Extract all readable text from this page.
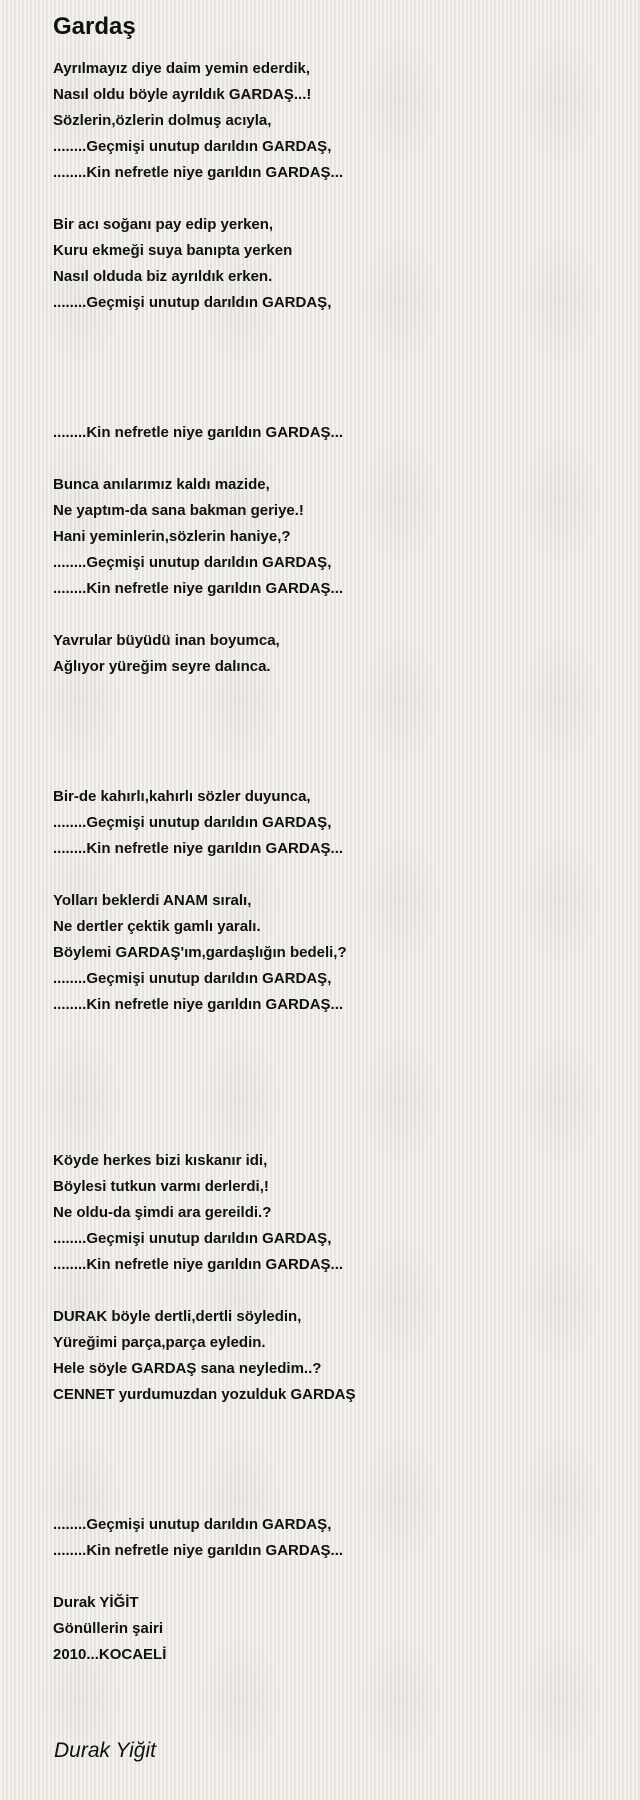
Gardaş
Ayrılmayız diye daim yemin ederdik,
Nasıl oldu böyle ayrıldık GARDAŞ...!
Sözlerin,özlerin dolmuş acıyla,
........Geçmişi unutup darıldın GARDAŞ,
........Kin nefretle niye garıldın GARDAŞ...
Bir acı soğanı pay edip yerken,
Kuru ekmeği suya banıpta yerken
Nasıl olduda biz ayrıldık erken.
........Geçmişi unutup darıldın GARDAŞ,
........Kin nefretle niye garıldın GARDAŞ...
Bunca anılarımız kaldı mazide,
Ne yaptım-da sana bakman geriye.!
Hani yeminlerin,sözlerin haniye,?
........Geçmişi unutup darıldın GARDAŞ,
........Kin nefretle niye garıldın GARDAŞ...
Yavrular büyüdü inan boyumca,
Ağlıyor yüreğim seyre dalınca.
Bir-de kahırlı,kahırlı sözler duyunca,
........Geçmişi unutup darıldın GARDAŞ,
........Kin nefretle niye garıldın GARDAŞ...
Yolları beklerdi ANAM sıralı,
Ne dertler çektik gamlı yaralı.
Böylemi GARDAŞ'ım,gardaşlığın bedeli,?
........Geçmişi unutup darıldın GARDAŞ,
........Kin nefretle niye garıldın GARDAŞ...
Köyde herkes bizi kıskanır idi,
Böylesi tutkun varmı derlerdi,!
Ne oldu-da şimdi ara gereildi.?
........Geçmişi unutup darıldın GARDAŞ,
........Kin nefretle niye garıldın GARDAŞ...
DURAK böyle dertli,dertli söyledin,
Yüreğimi parça,parça eyledin.
Hele söyle GARDAŞ sana neyledim..?
CENNET yurdumuzdan yozulduk GARDAŞ
........Geçmişi unutup darıldın GARDAŞ,
........Kin nefretle niye garıldın GARDAŞ...
Durak YİĞİT
Gönüllerin şairi
2010...KOCAELİ
Durak Yiğit
